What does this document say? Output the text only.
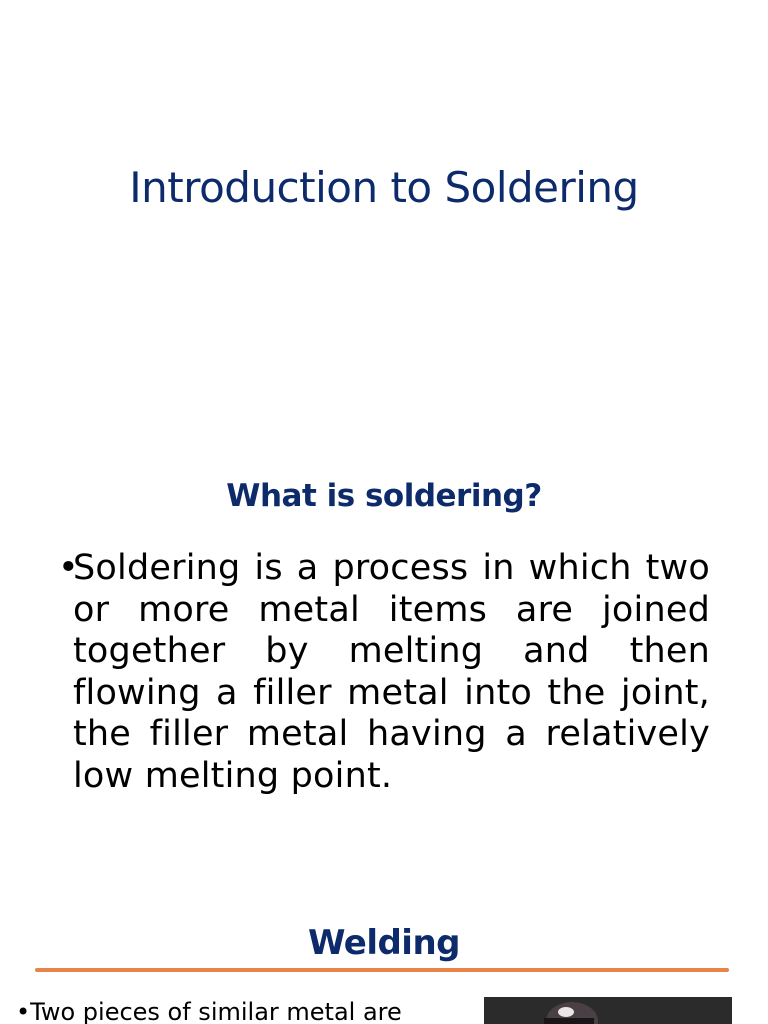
Introduction to Soldering
What is soldering?
•
Soldering is a process in which two or more metal items are joined together by melting and then flowing a filler metal into the joint, the filler metal having a relatively low melting point.
Welding

•Two pieces of similar metal are
